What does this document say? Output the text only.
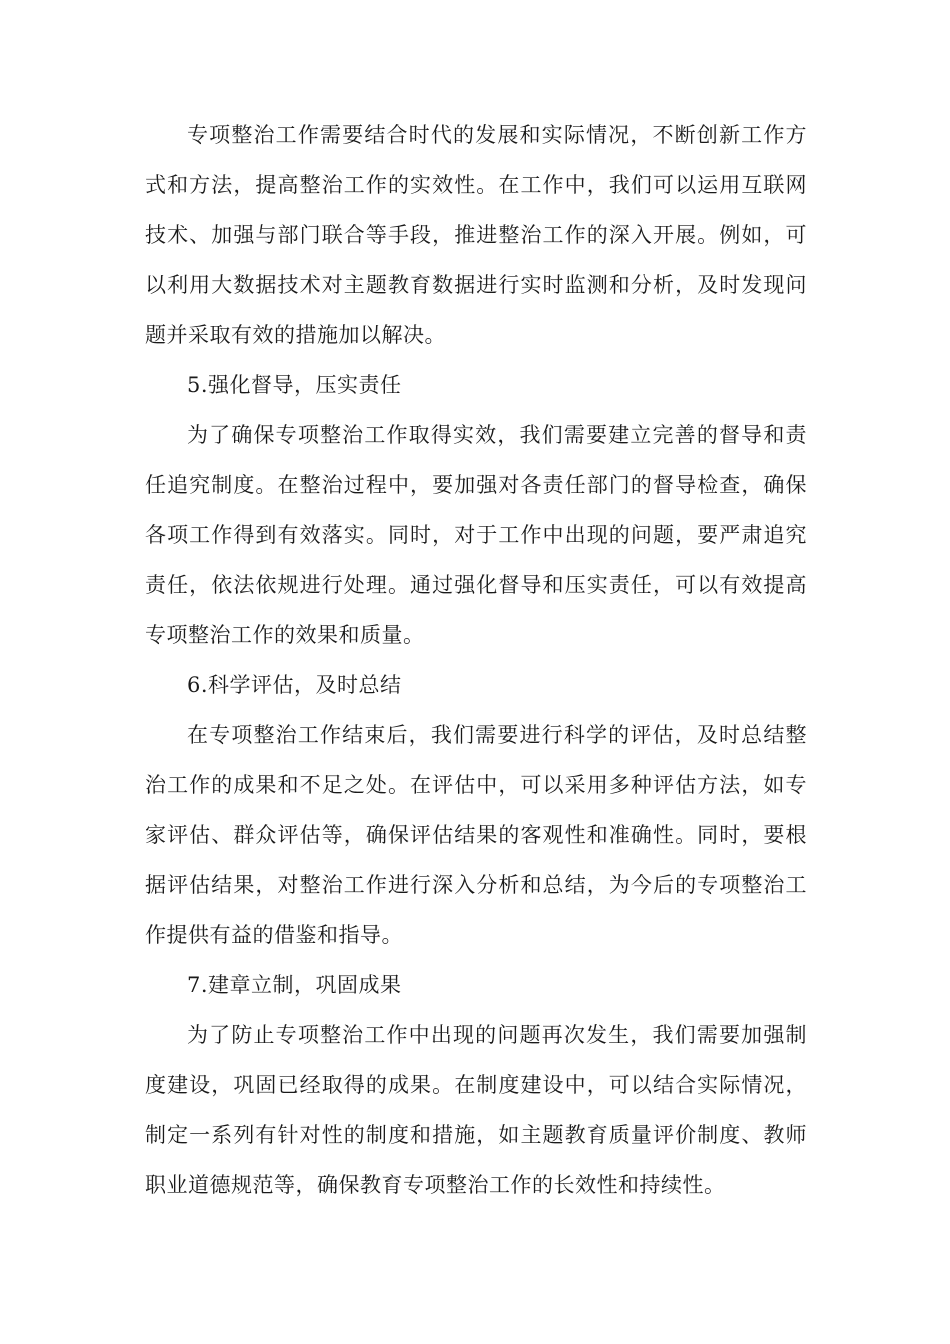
专项整治工作需要结合时代的发展和实际情况，不断创新工作方式和方法，提高整治工作的实效性。在工作中，我们可以运用互联网技术、加强与部门联合等手段，推进整治工作的深入开展。例如，可以利用大数据技术对主题教育数据进行实时监测和分析，及时发现问题并采取有效的措施加以解决。

5.强化督导，压实责任

为了确保专项整治工作取得实效，我们需要建立完善的督导和责任追究制度。在整治过程中，要加强对各责任部门的督导检查，确保各项工作得到有效落实。同时，对于工作中出现的问题，要严肃追究责任，依法依规进行处理。通过强化督导和压实责任，可以有效提高专项整治工作的效果和质量。

6.科学评估，及时总结

在专项整治工作结束后，我们需要进行科学的评估，及时总结整治工作的成果和不足之处。在评估中，可以采用多种评估方法，如专家评估、群众评估等，确保评估结果的客观性和准确性。同时，要根据评估结果，对整治工作进行深入分析和总结，为今后的专项整治工作提供有益的借鉴和指导。

7.建章立制，巩固成果

为了防止专项整治工作中出现的问题再次发生，我们需要加强制度建设，巩固已经取得的成果。在制度建设中，可以结合实际情况，制定一系列有针对性的制度和措施，如主题教育质量评价制度、教师职业道德规范等，确保教育专项整治工作的长效性和持续性。
